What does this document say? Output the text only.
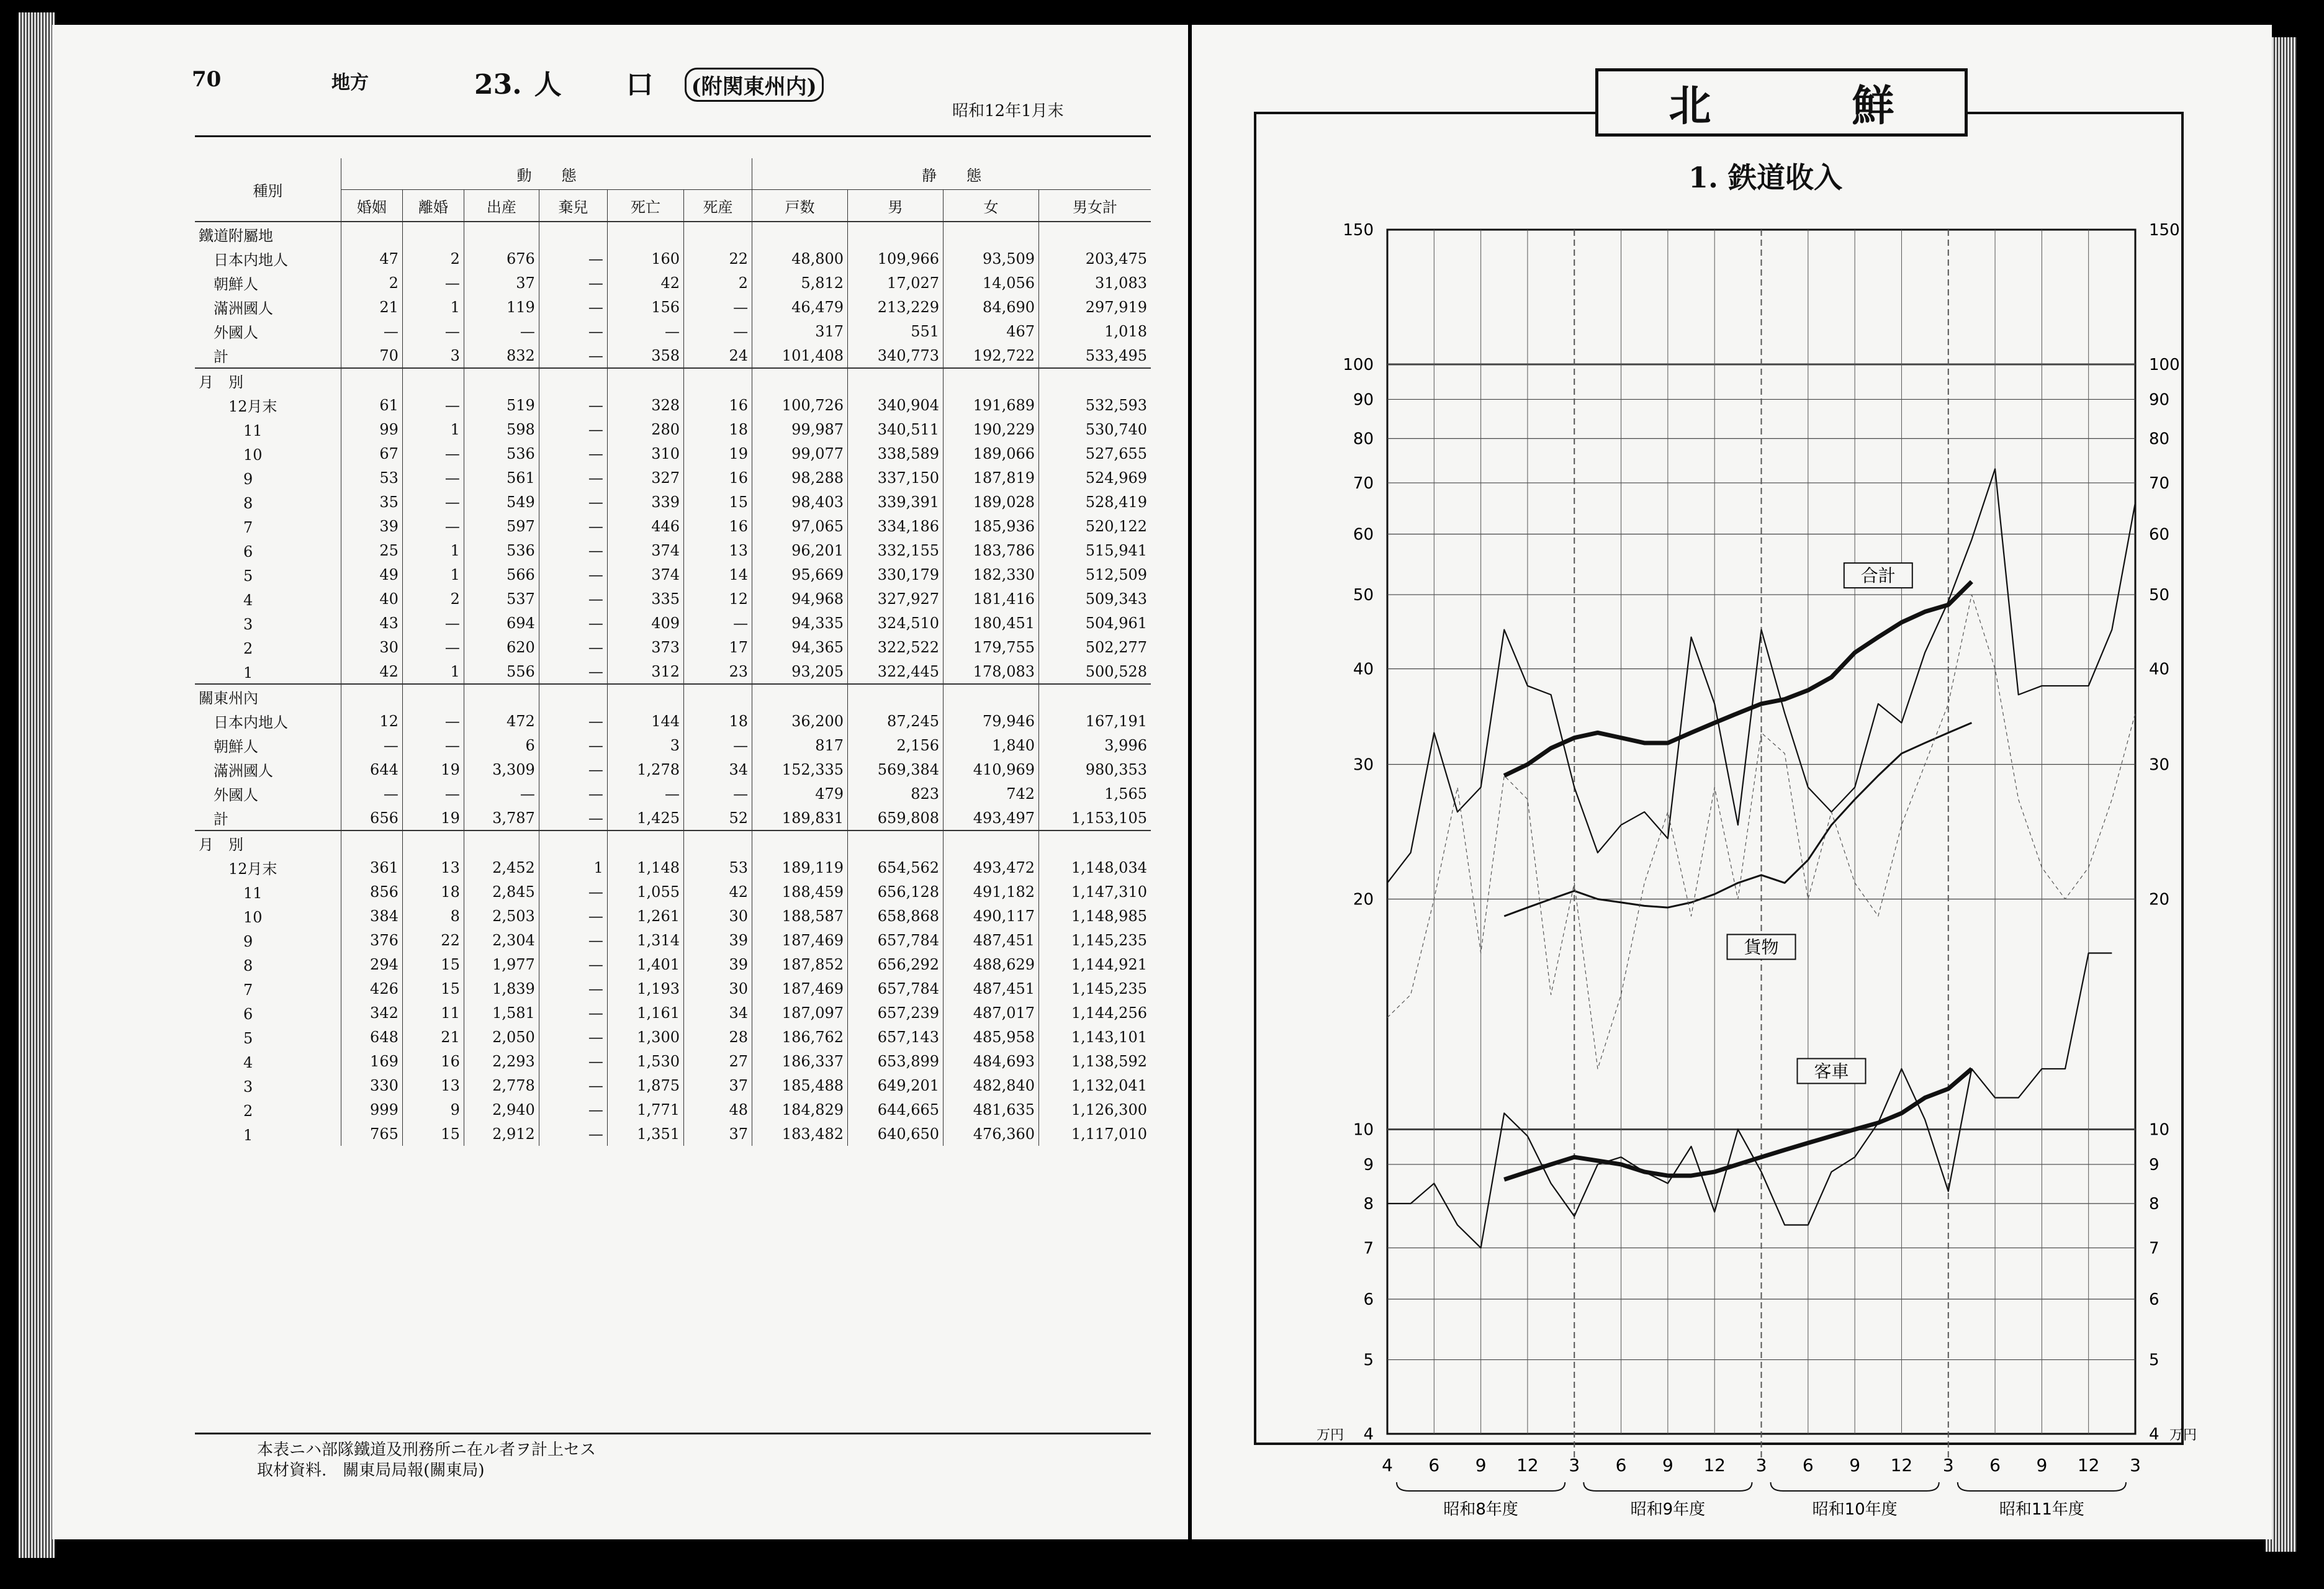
70	地方	23. 人　口 (附関東州内)
昭和12年1月末
種別	動　　態						静　　態			
	婚姻	離婚	出産	棄兒	死亡	死産	戸数	男	女	男女計
鐵道附屬地										
　日本内地人	47	2	676	—	160	22	48,800	109,966	93,509	203,475
　朝鮮人	2	—	37	—	42	2	5,812	17,027	14,056	31,083
　滿洲國人	21	1	119	—	156	—	46,479	213,229	84,690	297,919
　外國人	—	—	—	—	—	—	317	551	467	1,018
　計	70	3	832	—	358	24	101,408	340,773	192,722	533,495
月　別										
　　12月末	61	—	519	—	328	16	100,726	340,904	191,689	532,593
　　　11	99	1	598	—	280	18	99,987	340,511	190,229	530,740
　　　10	67	—	536	—	310	19	99,077	338,589	189,066	527,655
　　　9	53	—	561	—	327	16	98,288	337,150	187,819	524,969
　　　8	35	—	549	—	339	15	98,403	339,391	189,028	528,419
　　　7	39	—	597	—	446	16	97,065	334,186	185,936	520,122
　　　6	25	1	536	—	374	13	96,201	332,155	183,786	515,941
　　　5	49	1	566	—	374	14	95,669	330,179	182,330	512,509
　　　4	40	2	537	—	335	12	94,968	327,927	181,416	509,343
　　　3	43	—	694	—	409	—	94,335	324,510	180,451	504,961
　　　2	30	—	620	—	373	17	94,365	322,522	179,755	502,277
　　　1	42	1	556	—	312	23	93,205	322,445	178,083	500,528
關東州內										
　日本内地人	12	—	472	—	144	18	36,200	87,245	79,946	167,191
　朝鮮人	—	—	6	—	3	—	817	2,156	1,840	3,996
　滿洲國人	644	19	3,309	—	1,278	34	152,335	569,384	410,969	980,353
　外國人	—	—	—	—	—	—	479	823	742	1,565
　計	656	19	3,787	—	1,425	52	189,831	659,808	493,497	1,153,105
月　別										
　　12月末	361	13	2,452	1	1,148	53	189,119	654,562	493,472	1,148,034
　　　11	856	18	2,845	—	1,055	42	188,459	656,128	491,182	1,147,310
　　　10	384	8	2,503	—	1,261	30	188,587	658,868	490,117	1,148,985
　　　9	376	22	2,304	—	1,314	39	187,469	657,784	487,451	1,145,235
　　　8	294	15	1,977	—	1,401	39	187,852	656,292	488,629	1,144,921
　　　7	426	15	1,839	—	1,193	30	187,469	657,784	487,451	1,145,235
　　　6	342	11	1,581	—	1,161	34	187,097	657,239	487,017	1,144,256
　　　5	648	21	2,050	—	1,300	28	186,762	657,143	485,958	1,143,101
　　　4	169	16	2,293	—	1,530	27	186,337	653,899	484,693	1,138,592
　　　3	330	13	2,778	—	1,875	37	185,488	649,201	482,840	1,132,041
　　　2	999	9	2,940	—	1,771	48	184,829	644,665	481,635	1,126,300
　　　1	765	15	2,912	—	1,351	37	183,482	640,650	476,360	1,117,010
本表ニハ部隊鐵道及刑務所ニ在ル者ヲ計上セス
取材資料.　關東局局報(關東局)
北	鮮
1. 鉄道收入
4	4
5	5
6	6
7	7
8	8
9	9
10	10
20	20
30	30
40	40
50	50
60	60
70	70
80	80
90	90
100	100
150	150
万円	万円
4 6 9 12 3 6 9 12 3 6 9 12 3 6 9 12 3
昭和8年度	昭和9年度	昭和10年度	昭和11年度
合計
貨物
客車
